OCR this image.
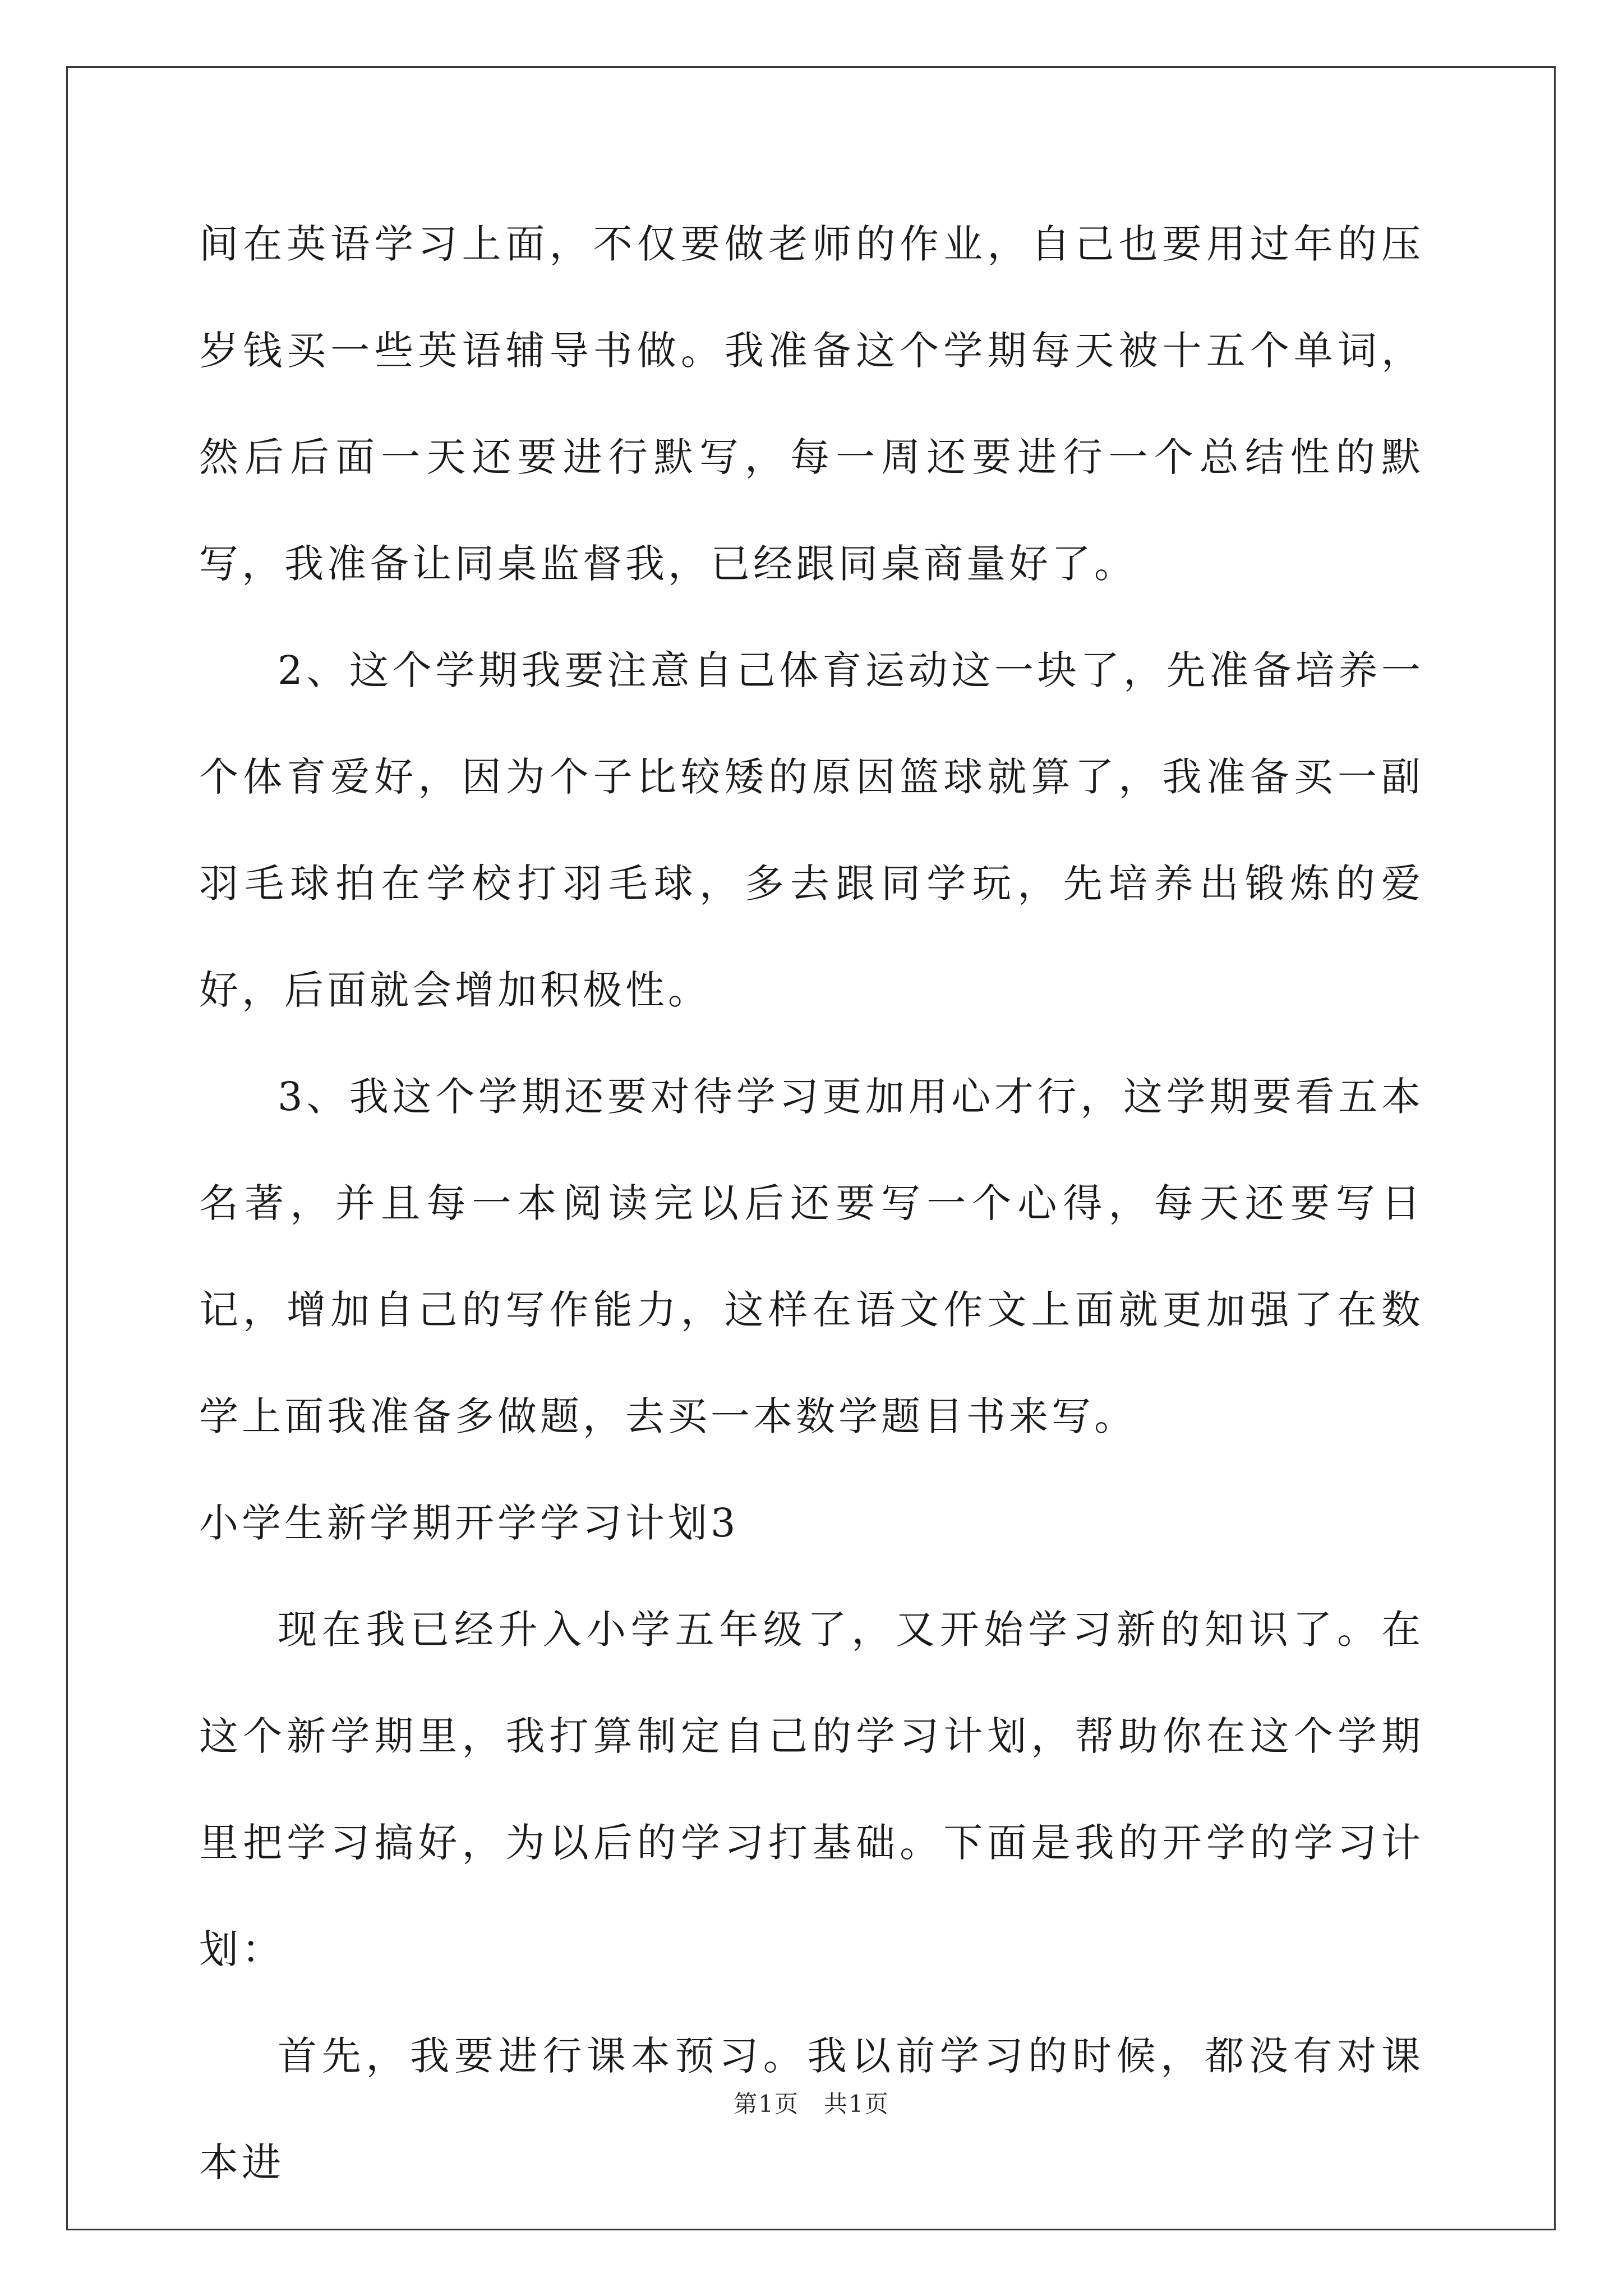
间在英语学习上面，不仅要做老师的作业，自己也要用过年的压岁钱买一些英语辅导书做。我准备这个学期每天被十五个单词，然后后面一天还要进行默写，每一周还要进行一个总结性的默写，我准备让同桌监督我，已经跟同桌商量好了。

2、这个学期我要注意自己体育运动这一块了，先准备培养一个体育爱好，因为个子比较矮的原因篮球就算了，我准备买一副羽毛球拍在学校打羽毛球，多去跟同学玩，先培养出锻炼的爱好，后面就会增加积极性。

3、我这个学期还要对待学习更加用心才行，这学期要看五本名著，并且每一本阅读完以后还要写一个心得，每天还要写日记，增加自己的写作能力，这样在语文作文上面就更加强了在数学上面我准备多做题，去买一本数学题目书来写。

小学生新学期开学学习计划3

现在我已经升入小学五年级了，又开始学习新的知识了。在这个新学期里，我打算制定自己的学习计划，帮助你在这个学期里把学习搞好，为以后的学习打基础。下面是我的开学的学习计划：

首先，我要进行课本预习。我以前学习的时候，都没有对课本进

第1页　共1页
